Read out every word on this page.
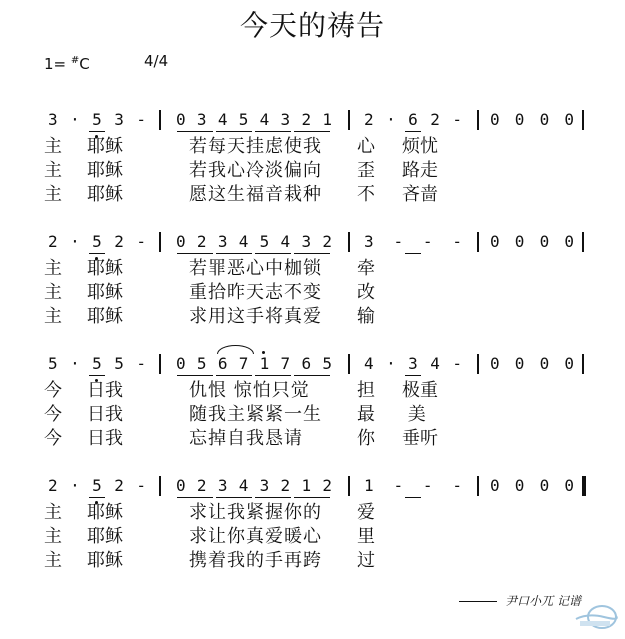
今天的祷告
1= #C	4/4
3 · 5 3 - 0 3 4 5 4 3 2 1 2 · 6 2 - 0 0 0 0
主 耶稣	若每天挂虑使我 心 烦忧
主 耶稣	若我心冷淡偏向 歪 路走
主 耶稣	愿这生福音栽种 不 吝啬
2 · 5 2 - 0 2 3 4 5 4 3 2 3 - - - 0 0 0 0
主 耶稣	若罪恶心中枷锁 牵
主 耶稣	重拾昨天志不变 改
主 耶稣	求用这手将真爱 输
5 · 5 5 - 0 5 6 7 1 7 6 5 4 · 3 4 - 0 0 0 0
今 日我	仇恨 惊怕只觉	担 极重
今 日我	随我主紧紧一生 最 美
今 日我	忘掉自我恳请	你 垂听
2 · 5 2 - 0 2 3 4 3 2 1 2 1 - - - 0 0 0 0
主 耶稣	求让我紧握你的 爱
主 耶稣	求让你真爱暖心 里
主 耶稣	携着我的手再跨 过
尹口小兀 记谱
